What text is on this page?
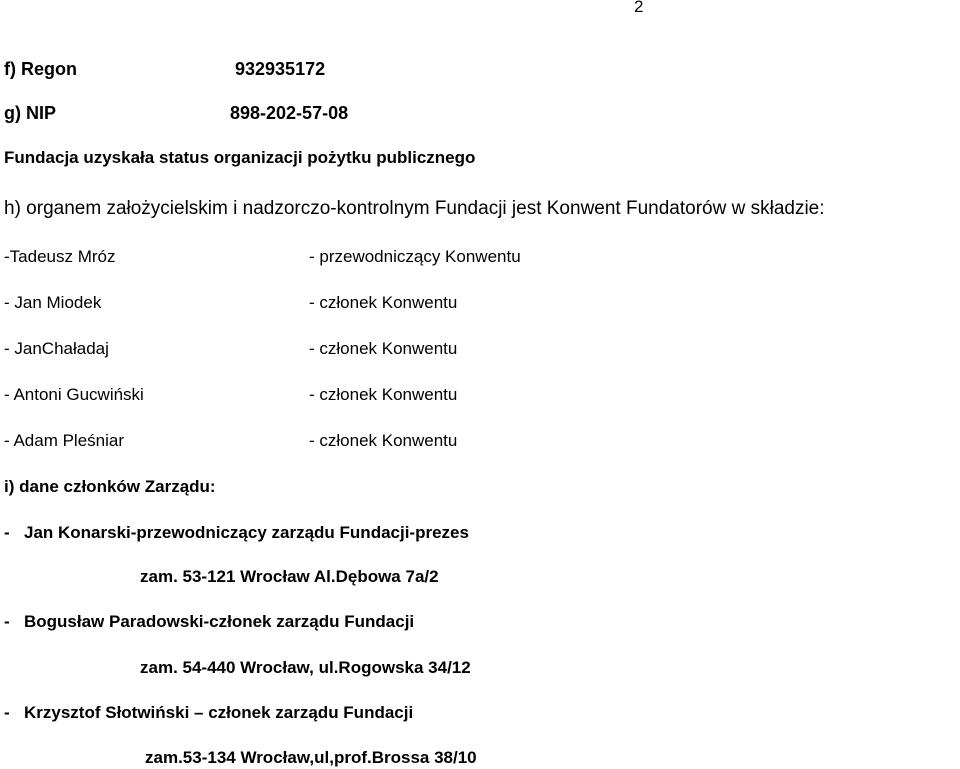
2
f) Regon	932935172
g) NIP	898-202-57-08
Fundacja uzyskała status organizacji pożytku publicznego
h) organem założycielskim i nadzorczo-kontrolnym Fundacji jest Konwent Fundatorów w składzie:
-Tadeusz Mróz	- przewodniczący Konwentu
- Jan Miodek	- członek Konwentu
- JanChaładaj	- członek Konwentu
- Antoni Gucwiński	- członek Konwentu
- Adam Pleśniar	- członek Konwentu
i) dane członków Zarządu:
- Jan Konarski-przewodniczący zarządu Fundacji-prezes
zam. 53-121 Wrocław Al.Dębowa 7a/2
- Bogusław Paradowski-członek zarządu Fundacji
zam. 54-440 Wrocław, ul.Rogowska 34/12
- Krzysztof Słotwiński – członek zarządu Fundacji
zam.53-134 Wrocław,ul,prof.Brossa 38/10
